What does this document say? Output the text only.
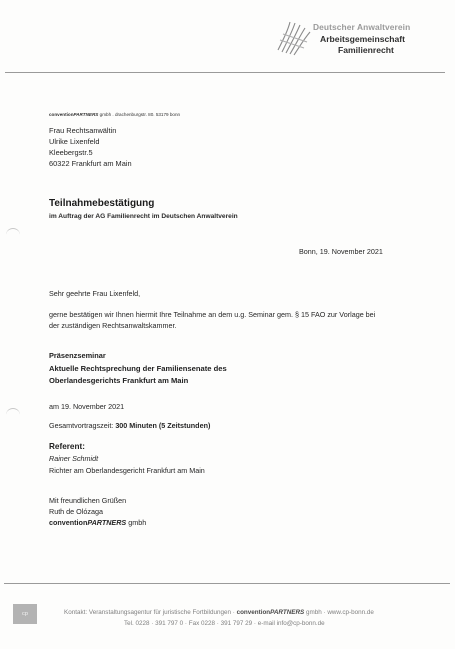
Deutscher Anwaltverein
Arbeitsgemeinschaft
Familienrecht
conventionPARTNERS gmbh . drachenburgstr. 80. 53179 bonn
Frau Rechtsanwältin
Ulrike Lixenfeld
Kleebergstr.5
60322 Frankfurt am Main
Teilnahmebestätigung
im Auftrag der AG Familienrecht im Deutschen Anwaltverein
Bonn, 19. November 2021
Sehr geehrte Frau Lixenfeld,
gerne bestätigen wir Ihnen hiermit Ihre Teilnahme an dem u.g. Seminar gem. § 15 FAO zur Vorlage bei der zuständigen Rechtsanwaltskammer.
Präsenzseminar
Aktuelle Rechtsprechung der Familiensenate des
Oberlandesgerichts Frankfurt am Main
am 19. November 2021
Gesamtvortragszeit: 300 Minuten (5 Zeitstunden)
Referent:
Rainer Schmidt
Richter am Oberlandesgericht Frankfurt am Main
Mit freundlichen Grüßen
Ruth de Olózaga
conventionPARTNERS gmbh
cp	Kontakt: Veranstaltungsagentur für juristische Fortbildungen · conventionPARTNERS gmbh · www.cp-bonn.de
Tel. 0228 · 391 797 0 · Fax 0228 · 391 797 29 · e-mail info@cp-bonn.de
